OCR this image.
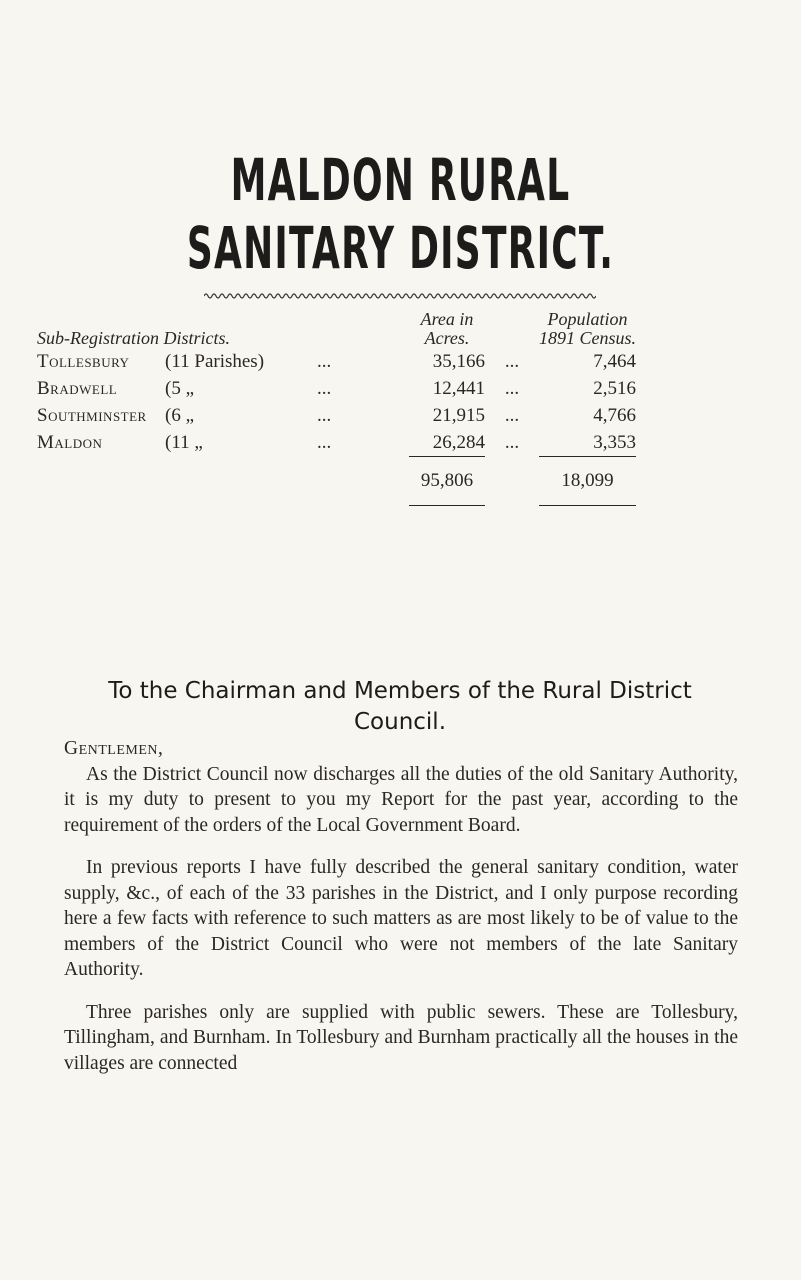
MALDON RURAL SANITARY DISTRICT.
Sub-Registration Districts.			Area in
Acres.		Population
1891 Census.
Tollesbury	(11 Parishes)	...	35,166	...	7,464
Bradwell	(5 „	...	12,441	...	2,516
Southminster	(6 „	...	21,915	...	4,766
Maldon	(11 „	...	26,284	...	3,353
			95,806		18,099
To the Chairman and Members of the Rural District Council.

Gentlemen,

As the District Council now discharges all the duties of the old Sanitary Authority, it is my duty to present to you my Report for the past year, according to the requirement of the orders of the Local Government Board.

In previous reports I have fully described the general sanitary condition, water supply, &c., of each of the 33 parishes in the District, and I only purpose recording here a few facts with reference to such matters as are most likely to be of value to the members of the District Council who were not members of the late Sanitary Authority.

Three parishes only are supplied with public sewers. These are Tollesbury, Tillingham, and Burnham. In Tollesbury and Burnham practically all the houses in the villages are connected
